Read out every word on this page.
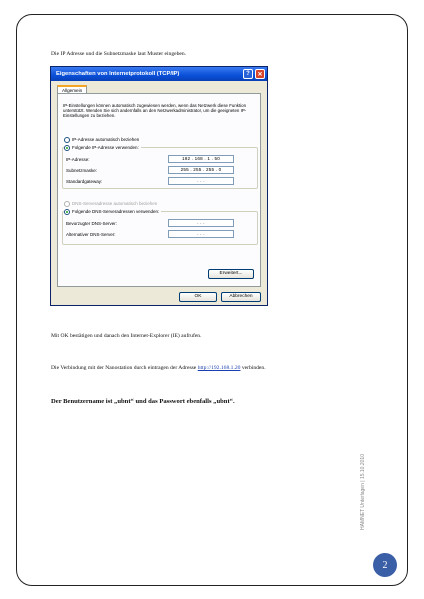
Die IP Adresse und die Subnetzmaske laut Muster eingeben.
Eigenschaften von Internetprotokoll (TCP/IP)	?	✕
Allgemein
IP-Einstellungen können automatisch zugewiesen werden, wenn das Netzwerk diese Funktion unterstützt. Wenden Sie sich andernfalls an den Netzwerkadministrator, um die geeigneten IP-Einstellungen zu beziehen.
IP-Adresse automatisch beziehen
Folgende IP-Adresse verwenden:
IP-Adresse:	192 . 168 . 1 . 50
Subnetzmaske:	255 . 255 . 255 . 0
Standardgateway:	. . .
DNS-Serveradresse automatisch beziehen
Folgende DNS-Serveradressen verwenden:
Bevorzugter DNS-Server:	. . .
Alternativer DNS-Server:	. . .
Erweitert...
OK	Abbrechen
Mit OK bestätigen und danach den Internet-Explorer (IE) aufrufen.
Die Verbindung mit der Nanostation durch eintragen der Adresse http://192.168.1.20 verbinden.
Der Benutzername ist „ubnt“ und das Passwort ebenfalls „ubnt“.
HAMNET Unterlagen | 15.10.2010
2
